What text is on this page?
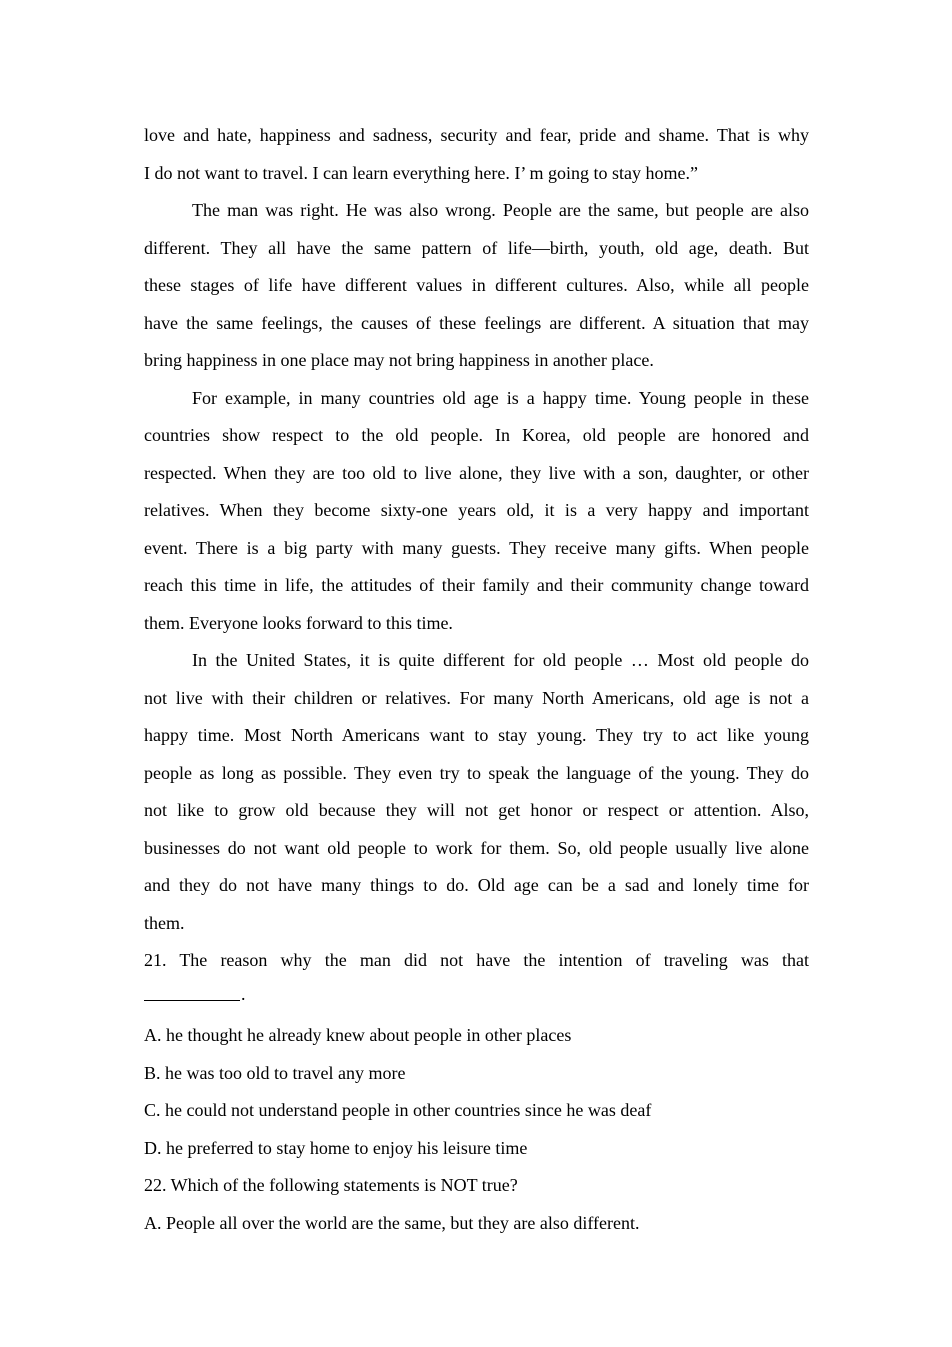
love and hate, happiness and sadness, security and fear, pride and shame. That is why
I do not want to travel. I can learn everything here. I’ m going to stay home.”
The man was right. He was also wrong. People are the same, but people are also
different. They all have the same pattern of life—birth, youth, old age, death. But
these stages of life have different values in different cultures. Also, while all people
have the same feelings, the causes of these feelings are different. A situation that may
bring happiness in one place may not bring happiness in another place.
For example, in many countries old age is a happy time. Young people in these
countries show respect to the old people. In Korea, old people are honored and
respected. When they are too old to live alone, they live with a son, daughter, or other
relatives. When they become sixty-one years old, it is a very happy and important
event. There is a big party with many guests. They receive many gifts. When people
reach this time in life, the attitudes of their family and their community change toward
them. Everyone looks forward to this time.
In the United States, it is quite different for old people … Most old people do
not live with their children or relatives. For many North Americans, old age is not a
happy time. Most North Americans want to stay young. They try to act like young
people as long as possible. They even try to speak the language of the young. They do
not like to grow old because they will not get honor or respect or attention. Also,
businesses do not want old people to work for them. So, old people usually live alone
and they do not have many things to do. Old age can be a sad and lonely time for
them.
21. The reason why the man did not have the intention of traveling was that
.
A. he thought he already knew about people in other places
B. he was too old to travel any more
C. he could not understand people in other countries since he was deaf
D. he preferred to stay home to enjoy his leisure time
22. Which of the following statements is NOT true?
A. People all over the world are the same, but they are also different.
